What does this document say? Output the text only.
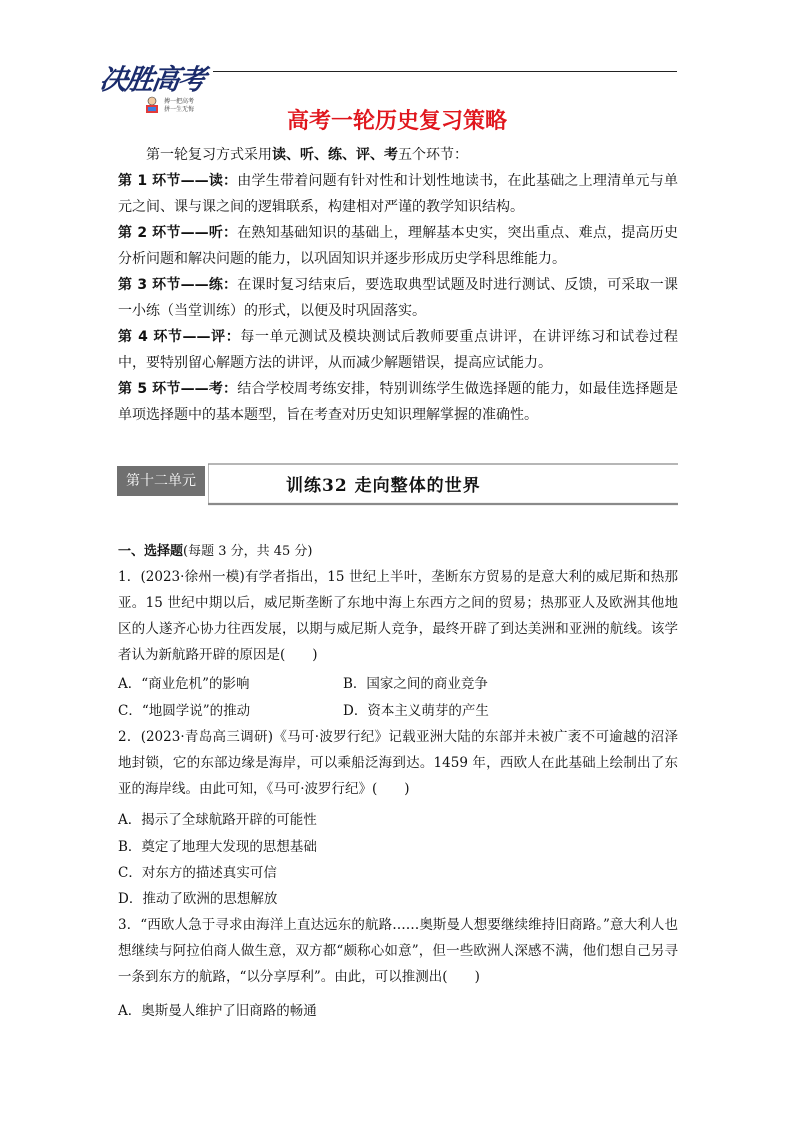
决胜高考
搏一把高考
拼一生无悔	高考一轮历史复习策略
第一轮复习方式采用读、听、练、评、考五个环节：
第 1 环节——读：由学生带着问题有针对性和计划性地读书，在此基础之上理清单元与单元之间、课与课之间的逻辑联系，构建相对严谨的教学知识结构。
第 2 环节——听：在熟知基础知识的基础上，理解基本史实，突出重点、难点，提高历史分析问题和解决问题的能力，以巩固知识并逐步形成历史学科思维能力。
第 3 环节——练：在课时复习结束后，要选取典型试题及时进行测试、反馈，可采取一课一小练（当堂训练）的形式，以便及时巩固落实。
第 4 环节——评：每一单元测试及模块测试后教师要重点讲评，在讲评练习和试卷过程中，要特别留心解题方法的讲评，从而减少解题错误，提高应试能力。
第 5 环节——考：结合学校周考练安排，特别训练学生做选择题的能力，如最佳选择题是单项选择题中的基本题型，旨在考查对历史知识理解掌握的准确性。
第十二单元	训练32 走向整体的世界
一、选择题(每题 3 分，共 45 分)
1．(2023·徐州一模)有学者指出，15 世纪上半叶，垄断东方贸易的是意大利的威尼斯和热那亚。15 世纪中期以后，威尼斯垄断了东地中海上东西方之间的贸易；热那亚人及欧洲其他地区的人遂齐心协力往西发展，以期与威尼斯人竞争，最终开辟了到达美洲和亚洲的航线。该学者认为新航路开辟的原因是(　　)
A．“商业危机”的影响	B．国家之间的商业竞争
C．“地圆学说”的推动	D．资本主义萌芽的产生
2．(2023·青岛高三调研)《马可·波罗行纪》记载亚洲大陆的东部并未被广袤不可逾越的沼泽地封锁，它的东部边缘是海岸，可以乘船泛海到达。1459 年，西欧人在此基础上绘制出了东亚的海岸线。由此可知，《马可·波罗行纪》(　　)
A．揭示了全球航路开辟的可能性
B．奠定了地理大发现的思想基础
C．对东方的描述真实可信
D．推动了欧洲的思想解放
3．“西欧人急于寻求由海洋上直达远东的航路……奥斯曼人想要继续维持旧商路。”意大利人也想继续与阿拉伯商人做生意，双方都“颇称心如意”，但一些欧洲人深感不满，他们想自己另寻一条到东方的航路，“以分享厚利”。由此，可以推测出(　　)
A．奥斯曼人维护了旧商路的畅通
